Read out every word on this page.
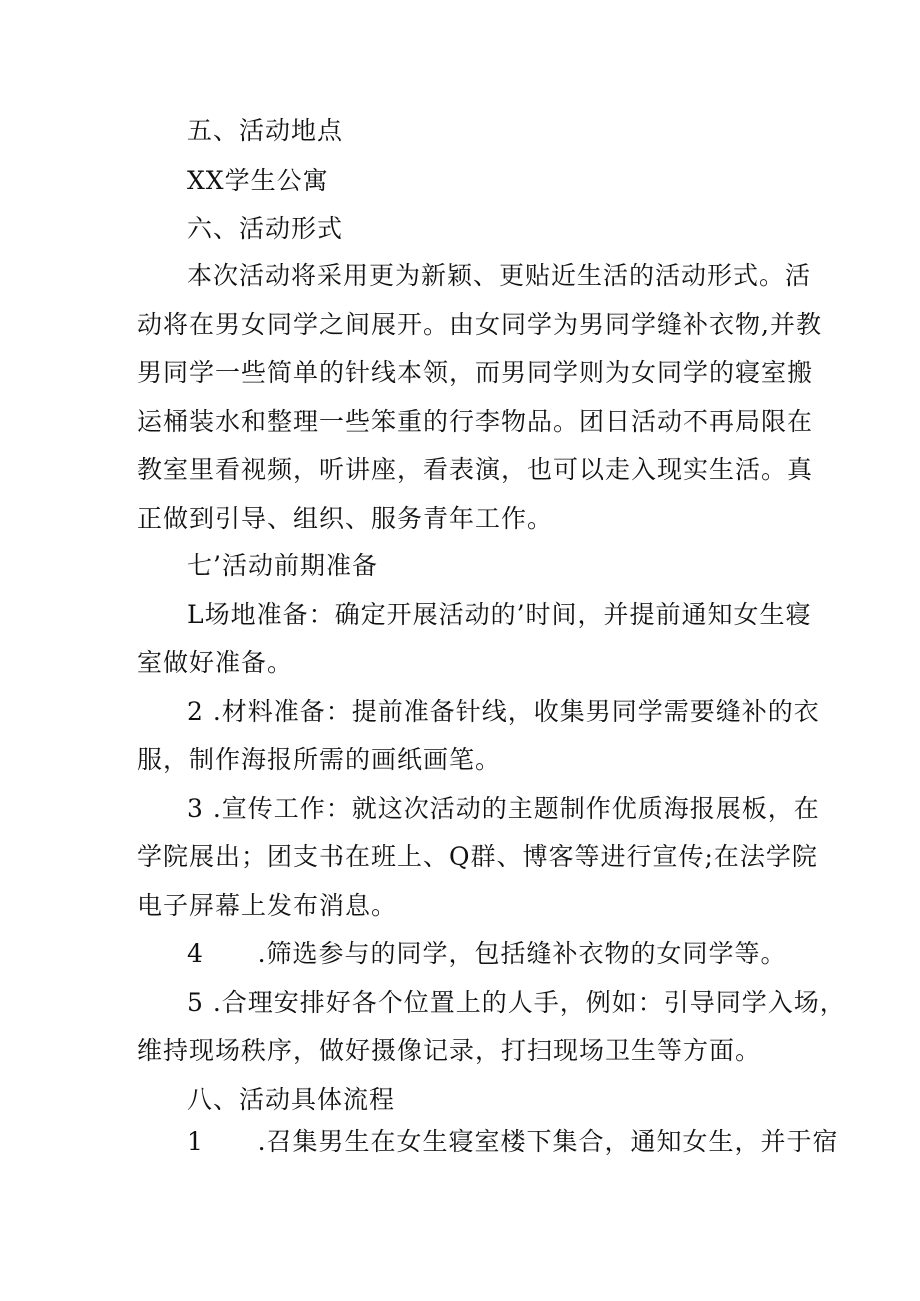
五、活动地点
XX学生公寓
六、活动形式
本次活动将采用更为新颖、更贴近生活的活动形式。活
动将在男女同学之间展开。由女同学为男同学缝补衣物,并教
男同学一些简单的针线本领，而男同学则为女同学的寝室搬
运桶装水和整理一些笨重的行李物品。团日活动不再局限在
教室里看视频，听讲座，看表演，也可以走入现实生活。真
正做到引导、组织、服务青年工作。
七’活动前期准备
L场地准备：确定开展活动的’时间，并提前通知女生寝
室做好准备。
2 .材料准备：提前准备针线，收集男同学需要缝补的衣
服，制作海报所需的画纸画笔。
3 .宣传工作：就这次活动的主题制作优质海报展板，在
学院展出；团支书在班上、Q群、博客等进行宣传;在法学院
电子屏幕上发布消息。
4      .筛选参与的同学，包括缝补衣物的女同学等。
5 .合理安排好各个位置上的人手，例如：引导同学入场，
维持现场秩序，做好摄像记录，打扫现场卫生等方面。
八、活动具体流程
1      .召集男生在女生寝室楼下集合，通知女生，并于宿
